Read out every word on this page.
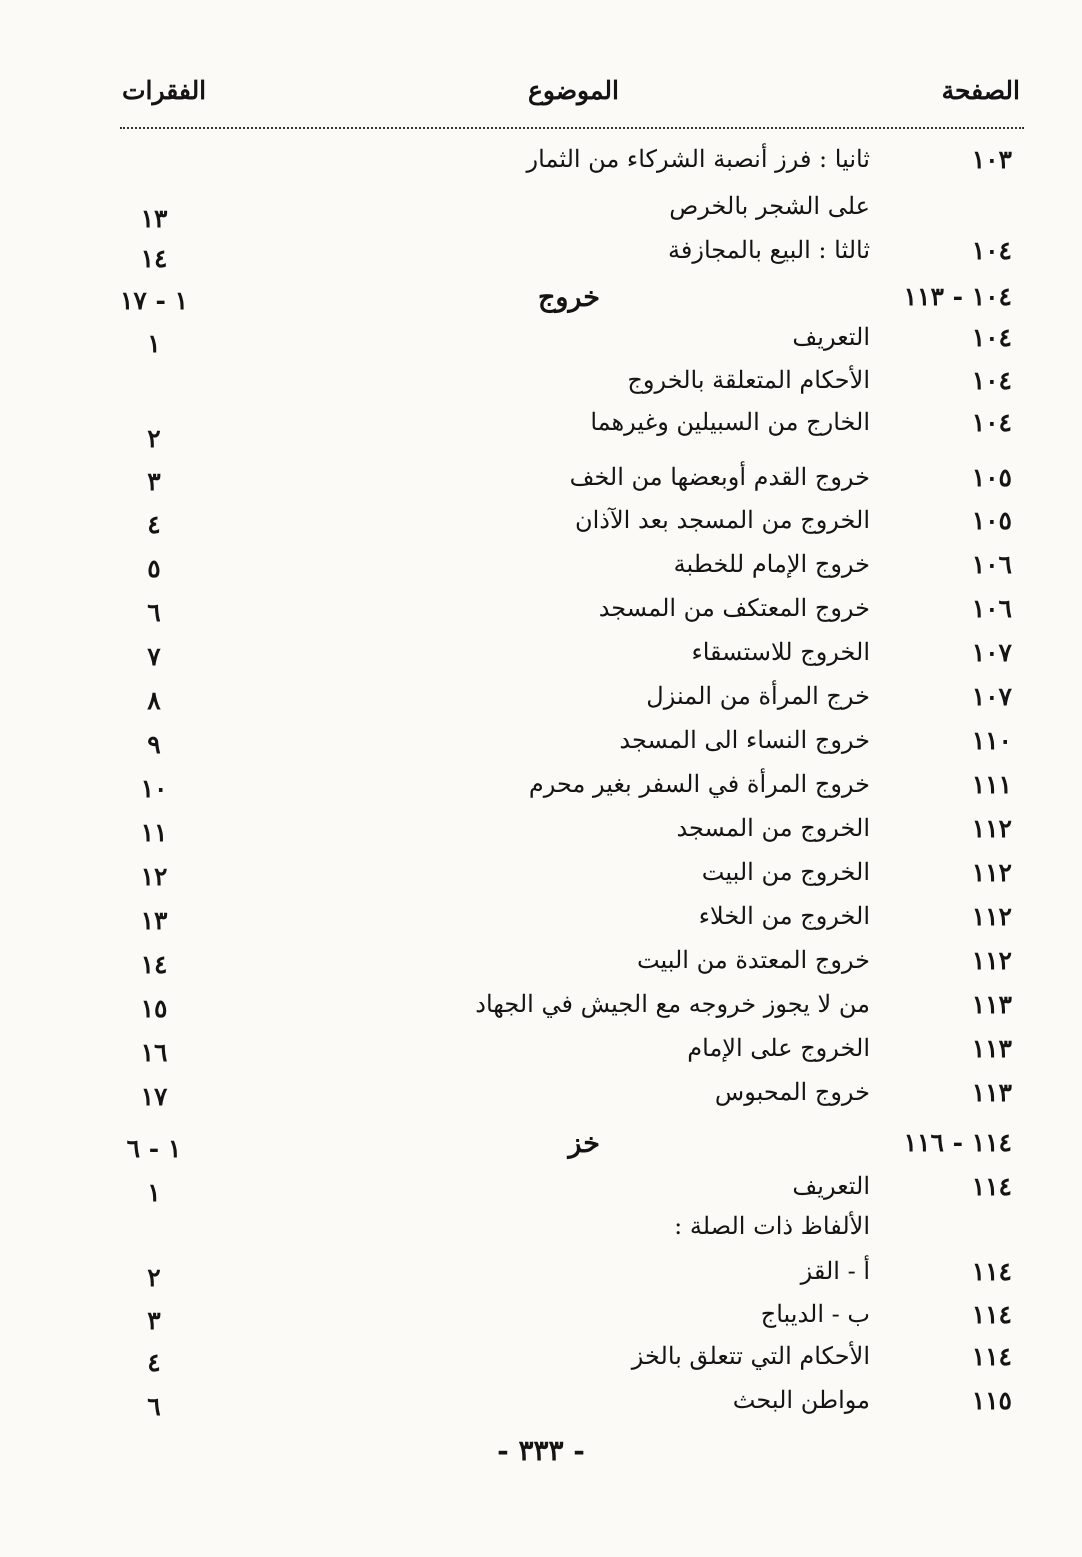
الصفحة
الموضوع
الفقرات
١٠٣
ثانيا : فرز أنصبة الشركاء من الثمار
على الشجر بالخرص
١٣
١٠٤
ثالثا : البيع بالمجازفة
١٤
١٠٤ - ١١٣
خروج
١ - ١٧
١٠٤
التعريف
١
١٠٤
الأحكام المتعلقة بالخروج
١٠٤
الخارج من السبيلين وغيرهما
٢
١٠٥
خروج القدم أوبعضها من الخف
٣
١٠٥
الخروج من المسجد بعد الآذان
٤
١٠٦
خروج الإمام للخطبة
٥
١٠٦
خروج المعتكف من المسجد
٦
١٠٧
الخروج للاستسقاء
٧
١٠٧
خرج المرأة من المنزل
٨
١١٠
خروج النساء الى المسجد
٩
١١١
خروج المرأة في السفر بغير محرم
١٠
١١٢
الخروج من المسجد
١١
١١٢
الخروج من البيت
١٢
١١٢
الخروج من الخلاء
١٣
١١٢
خروج المعتدة من البيت
١٤
١١٣
من لا يجوز خروجه مع الجيش في الجهاد
١٥
١١٣
الخروج على الإمام
١٦
١١٣
خروج المحبوس
١٧
١١٤ - ١١٦
خز
١ - ٦
١١٤
التعريف
١
الألفاظ ذات الصلة :
١١٤
أ - القز
٢
١١٤
ب - الديباج
٣
١١٤
الأحكام التي تتعلق بالخز
٤
١١٥
مواطن البحث
٦
- ٣٣٣ -
